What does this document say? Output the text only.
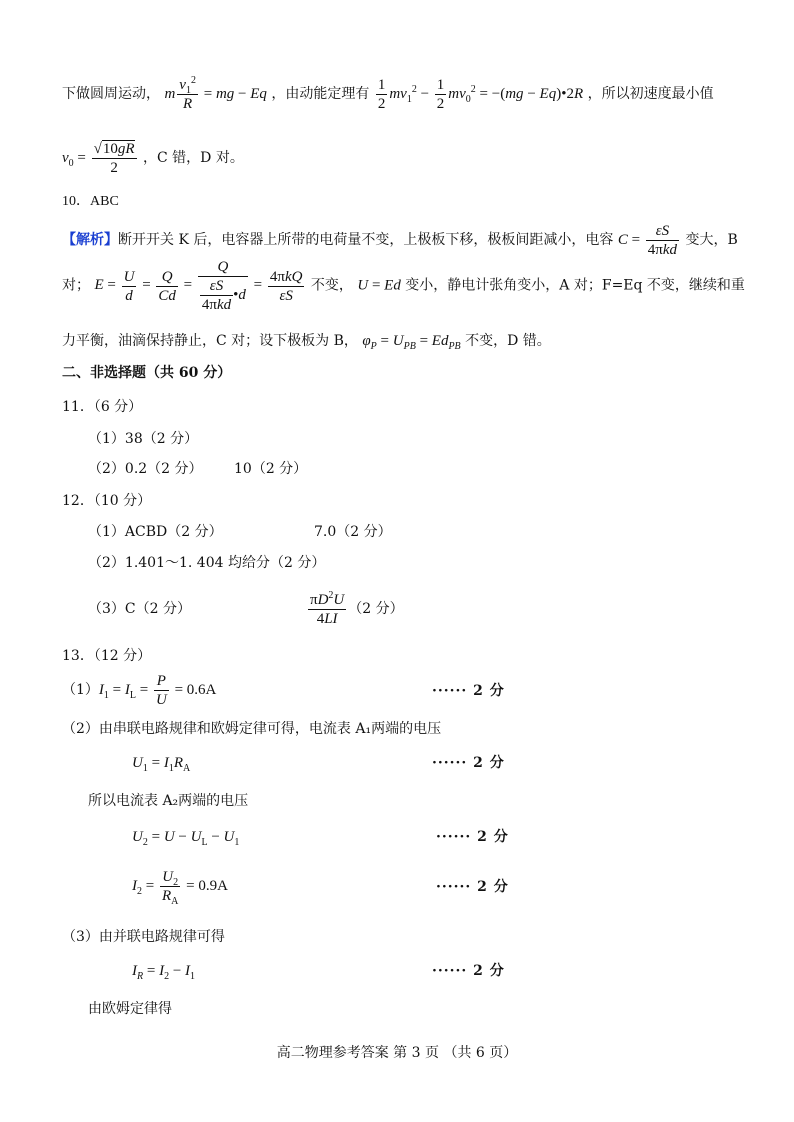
下做圆周运动， m $\frac{v_1^2}{R}$ = mg − Eq ，由动能定理有 $\frac{1}{2} mv_1^2 - \frac{1}{2} mv_0^2 = -(mg$ − Eq)•2R ，所以初速度最小值
$v_0 = \frac{√10gR}{2}$ ，C 错，D 对。
10．ABC
【解析】断开开关 K 后，电容器上所带的电荷量不变，上极板下移，极板间距减小，电容 $C = \frac{\varepsilon S}{\text{4πkd}}$ 变大，B
对； $E = \frac{U}{d} = \frac{Q}{Cd} = \frac{Q}{\frac{\varepsilon S}{\text{4πkd}} •d} = \frac{\text{4πkQ}}{\varepsilon S}$ 不变， U = Ed 变小，静电计张角变小，A 对；F=Eq 不变，继续和重
力平衡，油滴保持静止，C 对；设下极板为 B， $\varphi_P = U_{PB} = Ed_{PB}$ 不变，D 错。
二、非选择题（共 60 分）
11．（6 分）
（1）38（2 分）
（2）0.2（2 分） 10（2 分）
12．（10 分）
（1）ACBD（2 分）	7.0（2 分）
（2）1.401～1. 404 均给分（2 分）
（3）C（2 分）	$\frac{\pi D^2U}{4LI} (2$ 分）
13．（12 分）
$(1)I_1 = I_L = \frac{P}{U} = 0.6A$	······ 2 分
（2）由串联电路规律和欧姆定律可得，电流表 A₁两端的电压
$U_1 = I_1R_A$	······ 2 分
所以电流表 A₂两端的电压
$U_2 = U - U_L - U_1$	······ 2 分
$I_2 = \frac{U_2}{R_A} = 0.9A$	······ 2 分
（3）由并联电路规律可得
$I_R = I_2 - I_1$	······ 2 分
由欧姆定律得
高二物理参考答案 第 3 页 （共 6 页）
